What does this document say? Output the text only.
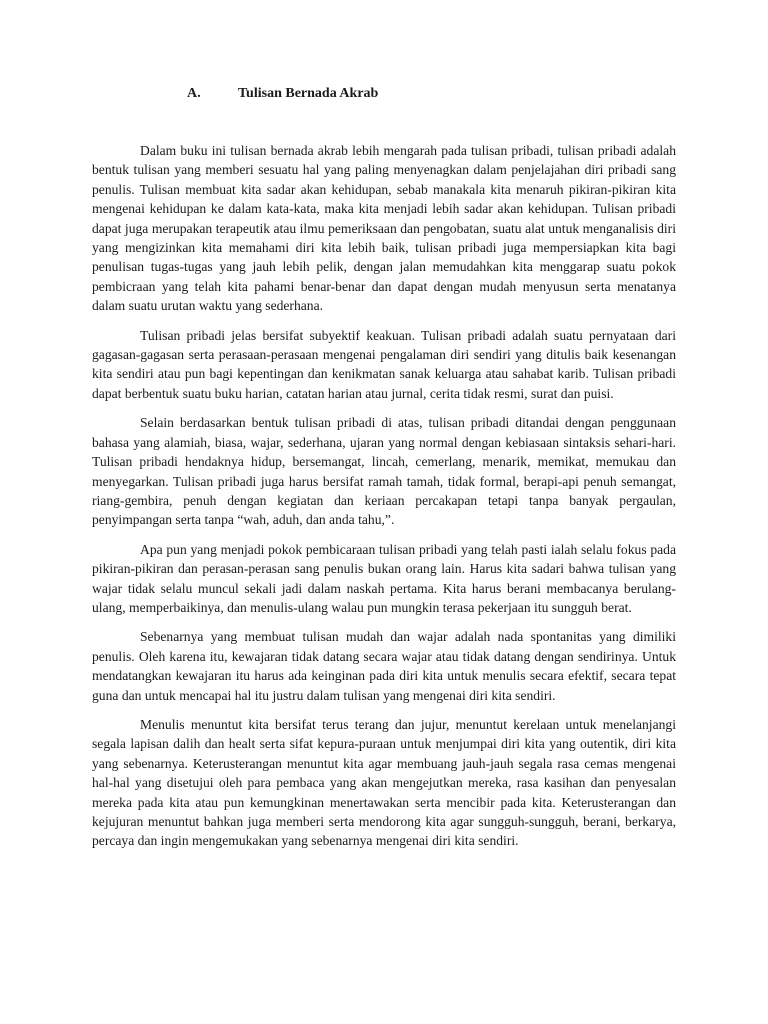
A.	Tulisan Bernada Akrab

Dalam buku ini tulisan bernada akrab lebih mengarah pada tulisan pribadi, tulisan pribadi adalah bentuk tulisan yang memberi sesuatu hal yang paling menyenagkan dalam penjelajahan diri pribadi sang penulis. Tulisan membuat kita sadar akan kehidupan, sebab manakala kita menaruh pikiran-pikiran kita mengenai kehidupan ke dalam kata-kata, maka kita menjadi lebih sadar akan kehidupan. Tulisan pribadi dapat juga merupakan terapeutik atau ilmu pemeriksaan dan pengobatan, suatu alat untuk menganalisis diri yang mengizinkan kita memahami diri kita lebih baik, tulisan pribadi juga mempersiapkan kita bagi penulisan tugas-tugas yang jauh lebih pelik, dengan jalan memudahkan kita menggarap suatu pokok pembicraan yang telah kita pahami benar-benar dan dapat dengan mudah menyusun serta menatanya dalam suatu urutan waktu yang sederhana.

Tulisan pribadi jelas bersifat subyektif keakuan. Tulisan pribadi adalah suatu pernyataan dari gagasan-gagasan serta perasaan-perasaan mengenai pengalaman diri sendiri yang ditulis baik kesenangan kita sendiri atau pun bagi kepentingan dan kenikmatan sanak keluarga atau sahabat karib. Tulisan pribadi dapat berbentuk suatu buku harian, catatan harian atau jurnal, cerita tidak resmi, surat dan puisi.

Selain berdasarkan bentuk tulisan pribadi di atas, tulisan pribadi ditandai dengan penggunaan bahasa yang alamiah, biasa, wajar, sederhana, ujaran yang normal dengan kebiasaan sintaksis sehari-hari. Tulisan pribadi hendaknya hidup, bersemangat, lincah, cemerlang, menarik, memikat, memukau dan menyegarkan. Tulisan pribadi juga harus bersifat ramah tamah, tidak formal, berapi-api penuh semangat, riang-gembira, penuh dengan kegiatan dan keriaan percakapan tetapi tanpa banyak pergaulan, penyimpangan serta tanpa “wah, aduh, dan anda tahu,”.

Apa pun yang menjadi pokok pembicaraan tulisan pribadi yang telah pasti ialah selalu fokus pada pikiran-pikiran dan perasan-perasan sang penulis bukan orang lain. Harus kita sadari bahwa tulisan yang wajar tidak selalu muncul sekali jadi dalam naskah pertama. Kita harus berani membacanya berulang-ulang, memperbaikinya, dan menulis-ulang walau pun mungkin terasa pekerjaan itu sungguh berat.

Sebenarnya yang membuat tulisan mudah dan wajar adalah nada spontanitas yang dimiliki penulis. Oleh karena itu, kewajaran tidak datang secara wajar atau tidak datang dengan sendirinya. Untuk mendatangkan kewajaran itu harus ada keinginan pada diri kita untuk menulis secara efektif, secara tepat guna dan untuk mencapai hal itu justru dalam tulisan yang mengenai diri kita sendiri.

Menulis menuntut kita bersifat terus terang dan jujur, menuntut kerelaan untuk menelanjangi segala lapisan dalih dan healt serta sifat kepura-puraan untuk menjumpai diri kita yang outentik, diri kita yang sebenarnya. Keterusterangan menuntut kita agar membuang jauh-jauh segala rasa cemas mengenai hal-hal yang disetujui oleh para pembaca yang akan mengejutkan mereka, rasa kasihan dan penyesalan mereka pada kita atau pun kemungkinan menertawakan serta mencibir pada kita. Keterusterangan dan kejujuran menuntut bahkan juga memberi serta mendorong kita agar sungguh-sungguh, berani, berkarya, percaya dan ingin mengemukakan yang sebenarnya mengenai diri kita sendiri.
